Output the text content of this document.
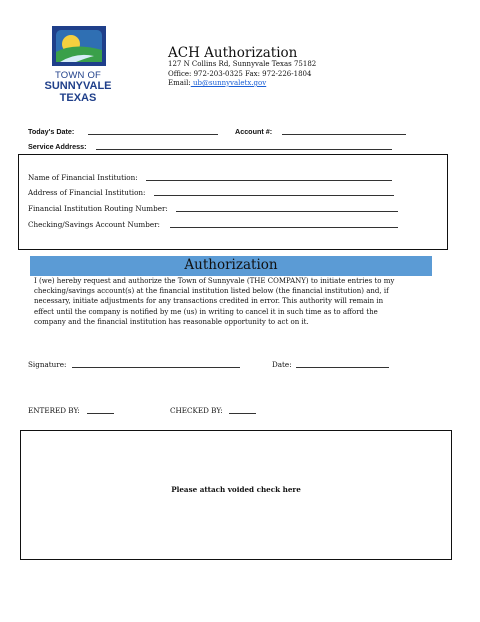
TOWN OF
SUNNYVALE
TEXAS
ACH Authorization
127 N Collins Rd, Sunnyvale Texas 75182
Office: 972-203-0325 Fax: 972-226-1804
Email: ub@sunnyvaletx.gov
Today's Date:	Account #:
Service Address:
Name of Financial Institution:
Address of Financial Institution:
Financial Institution Routing Number:
Checking/Savings Account Number:
Authorization
I (we) hereby request and authorize the Town of Sunnyvale (THE COMPANY) to initiate entries to my
checking/savings account(s) at the financial institution listed below (the financial institution) and, if
necessary, initiate adjustments for any transactions credited in error. This authority will remain in
effect until the company is notified by me (us) in writing to cancel it in such time as to afford the
company and the financial institution has reasonable opportunity to act on it.
Signature:	Date:
ENTERED BY:	CHECKED BY:
Please attach voided check here
